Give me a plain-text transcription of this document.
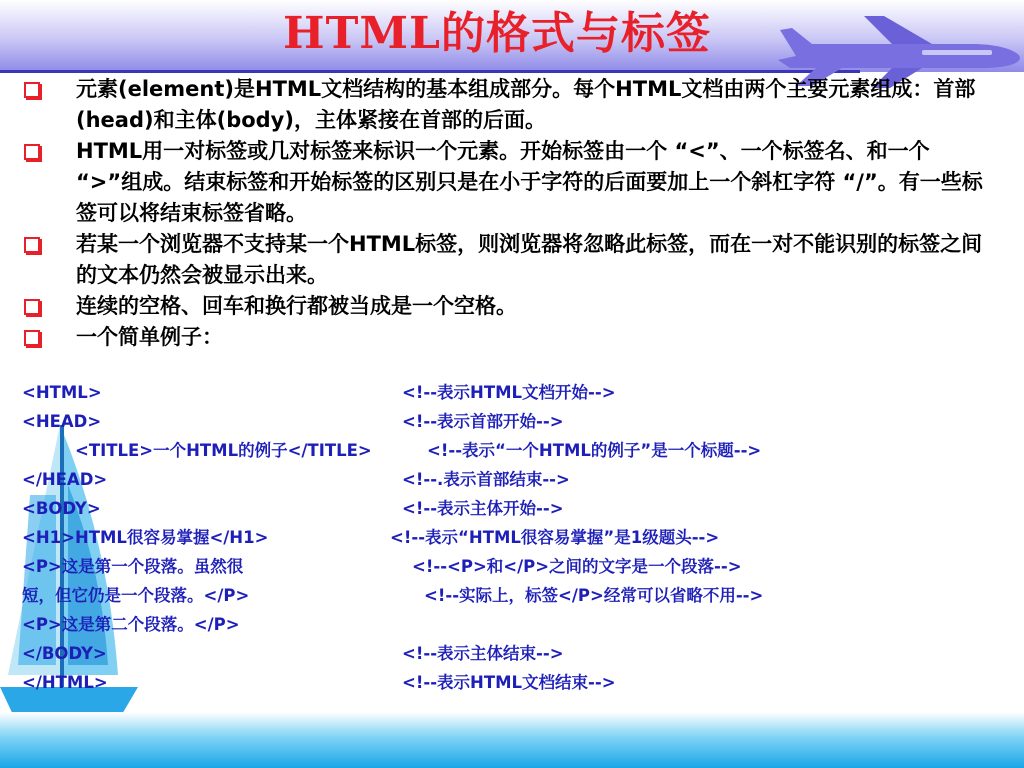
HTML的格式与标签
元素(element)是HTML文档结构的基本组成部分。每个HTML文档由两个主要元素组成：首部(head)和主体(body)，主体紧接在首部的后面。
HTML用一对标签或几对标签来标识一个元素。开始标签由一个 “<”、一个标签名、和一个 “>”组成。结束标签和开始标签的区别只是在小于字符的后面要加上一个斜杠字符 “/”。有一些标签可以将结束标签省略。
若某一个浏览器不支持某一个HTML标签，则浏览器将忽略此标签，而在一对不能识别的标签之间的文本仍然会被显示出来。
连续的空格、回车和换行都被当成是一个空格。
一个简单例子：
<HTML>	<!--表示HTML文档开始-->
<HEAD>	<!--表示首部开始-->
<TITLE>一个HTML的例子</TITLE>	<!--表示“一个HTML的例子”是一个标题-->
</HEAD>	<!--.表示首部结束-->
<BODY>	<!--表示主体开始-->
<H1>HTML很容易掌握</H1>	<!--表示“HTML很容易掌握”是1级题头-->
<P>这是第一个段落。虽然很	<!--<P>和</P>之间的文字是一个段落-->
短，但它仍是一个段落。</P>	<!--实际上，标签</P>经常可以省略不用-->
<P>这是第二个段落。</P>
</BODY>	<!--表示主体结束-->
</HTML>	<!--表示HTML文档结束-->
